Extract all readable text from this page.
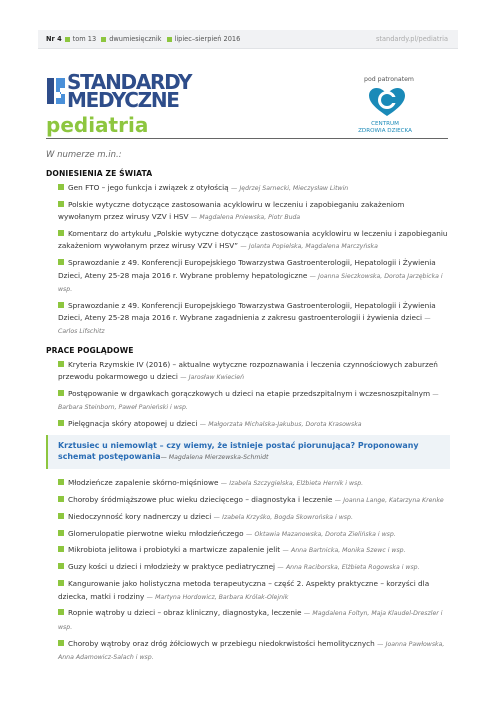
Nr 4 tom 13 dwumiesięcznik lipiec–sierpień 2016	standardy.pl/pediatria
STANDARDY
MEDYCZNE
pediatria
pod patronatem
CENTRUM
ZDROWIA DZIECKA
W numerze m.in.:
DONIESIENIA ZE ŚWIATA
Gen FTO – jego funkcja i związek z otyłością — Jędrzej Sarnecki, Mieczysław Litwin
Polskie wytyczne dotyczące zastosowania acyklowiru w leczeniu i zapobieganiu zakażeniom wywołanym przez wirusy VZV i HSV — Magdalena Pniewska, Piotr Buda
Komentarz do artykułu „Polskie wytyczne dotyczące zastosowania acyklowiru w leczeniu i zapobieganiu zakażeniom wywołanym przez wirusy VZV i HSV” — Jolanta Popielska, Magdalena Marczyńska
Sprawozdanie z 49. Konferencji Europejskiego Towarzystwa Gastroenterologii, Hepatologii i Żywienia Dzieci, Ateny 25-28 maja 2016 r. Wybrane problemy hepatologiczne — Joanna Sieczkowska, Dorota Jarzębicka i wsp.
Sprawozdanie z 49. Konferencji Europejskiego Towarzystwa Gastroenterologii, Hepatologii i Żywienia Dzieci, Ateny 25-28 maja 2016 r. Wybrane zagadnienia z zakresu gastroenterologii i żywienia dzieci — Carlos Lifschitz
PRACE POGLĄDOWE
Kryteria Rzymskie IV (2016) – aktualne wytyczne rozpoznawania i leczenia czynnościowych zaburzeń przewodu pokarmowego u dzieci — Jarosław Kwiecień
Postępowanie w drgawkach gorączkowych u dzieci na etapie przedszpitalnym i wczesnoszpitalnym — Barbara Steinborn, Paweł Panieński i wsp.
Pielęgnacja skóry atopowej u dzieci — Małgorzata Michalska-Jakubus, Dorota Krasowska
Krztusiec u niemowląt – czy wiemy, że istnieje postać piorunująca? Proponowany schemat postępowania— Magdalena Mierzewska-Schmidt
Młodzieńcze zapalenie skórno-mięśniowe — Izabela Szczygielska, Elżbieta Hernik i wsp.
Choroby śródmiąższowe płuc wieku dziecięcego – diagnostyka i leczenie — Joanna Lange, Katarzyna Krenke
Niedoczynność kory nadnerczy u dzieci — Izabela Krzyśko, Bogda Skowrońska i wsp.
Glomerulopatie pierwotne wieku młodzieńczego — Oktawia Mazanowska, Dorota Zielińska i wsp.
Mikrobiota jelitowa i probiotyki a martwicze zapalenie jelit — Anna Bartnicka, Monika Szewc i wsp.
Guzy kości u dzieci i młodzieży w praktyce pediatrycznej — Anna Raciborska, Elżbieta Rogowska i wsp.
Kangurowanie jako holistyczna metoda terapeutyczna – część 2. Aspekty praktyczne – korzyści dla dziecka, matki i rodziny — Martyna Hordowicz, Barbara Królak-Olejnik
Ropnie wątroby u dzieci – obraz kliniczny, diagnostyka, leczenie — Magdalena Foltyn, Maja Klaudel-Dreszler i wsp.
Choroby wątroby oraz dróg żółciowych w przebiegu niedokrwistości hemolitycznych — Joanna Pawłowska, Anna Adamowicz-Salach i wsp.
